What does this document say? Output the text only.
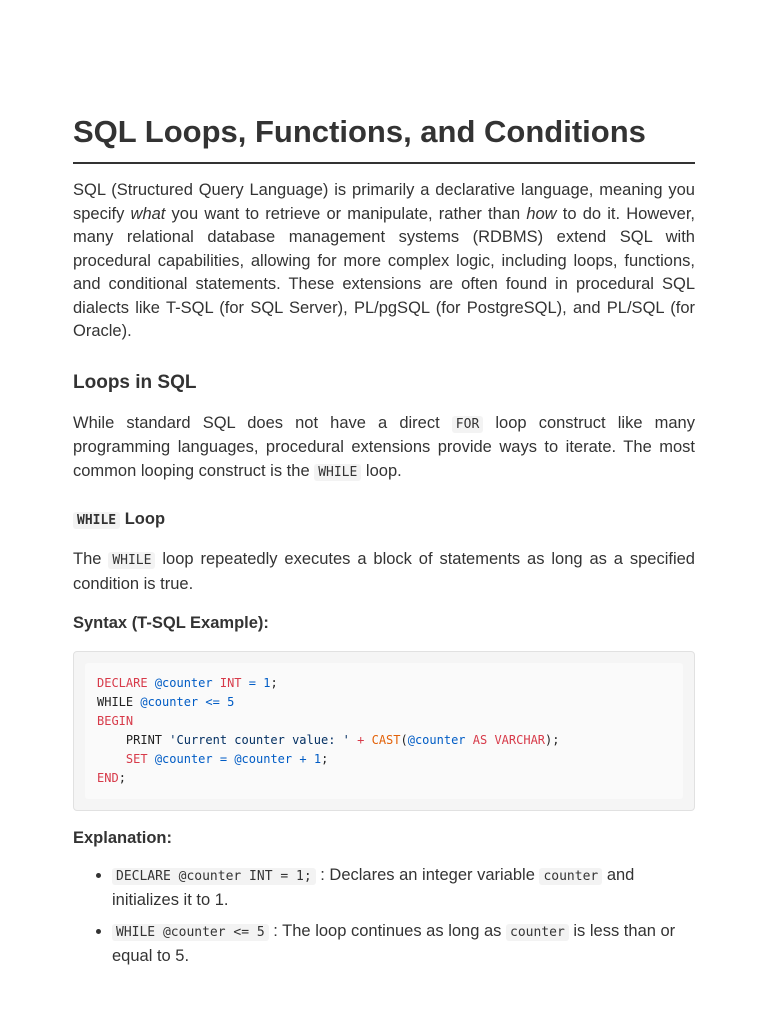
SQL Loops, Functions, and Conditions

SQL (Structured Query Language) is primarily a declarative language, meaning you specify what you want to retrieve or manipulate, rather than how to do it. However, many relational database management systems (RDBMS) extend SQL with procedural capabilities, allowing for more complex logic, including loops, functions, and conditional statements. These extensions are often found in procedural SQL dialects like T-SQL (for SQL Server), PL/pgSQL (for PostgreSQL), and PL/SQL (for Oracle).

Loops in SQL

While standard SQL does not have a direct FOR loop construct like many programming languages, procedural extensions provide ways to iterate. The most common looping construct is the WHILE loop.

WHILE Loop

The WHILE loop repeatedly executes a block of statements as long as a specified condition is true.

Syntax (T-SQL Example):

DECLARE @counter INT = 1;
WHILE @counter <= 5
BEGIN
PRINT 'Current counter value: ' + CAST(@counter AS VARCHAR);
SET @counter = @counter + 1;
END;

Explanation:

• DECLARE @counter INT = 1; : Declares an integer variable counter and initializes it to 1.
• WHILE @counter <= 5 : The loop continues as long as counter is less than or equal to 5.
